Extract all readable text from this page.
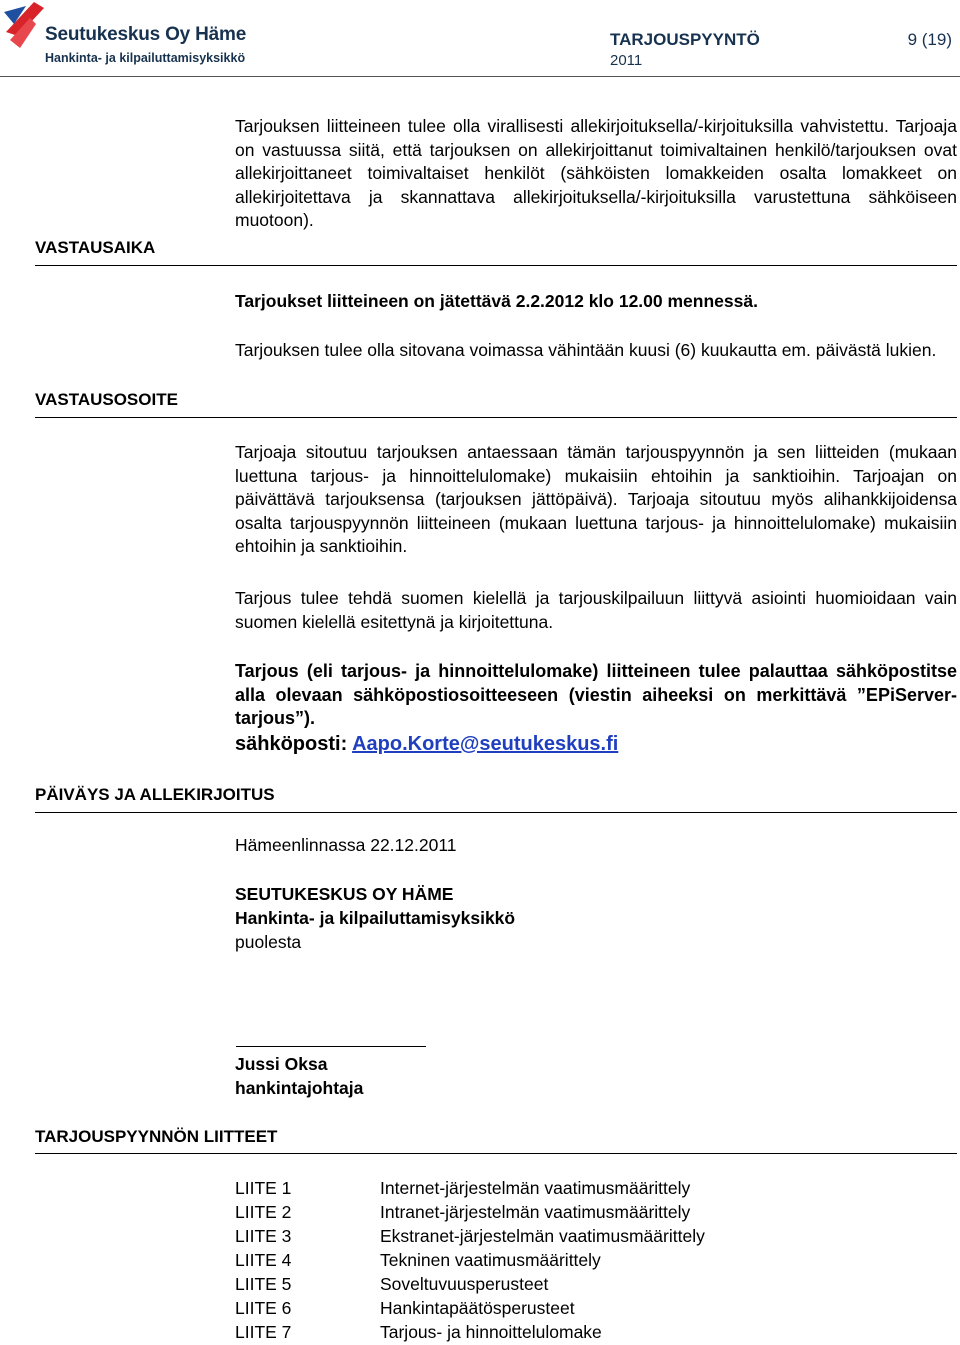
Seutukeskus Oy Häme
Hankinta- ja kilpailuttamisyksikkö
TARJOUSPYYNTÖ
2011
9 (19)
Tarjouksen liitteineen tulee olla virallisesti allekirjoituksella/-kirjoituksilla vahvistettu. Tarjoaja on vastuussa siitä, että tarjouksen on allekirjoittanut toimivaltainen henkilö/tarjouksen ovat allekirjoittaneet toimivaltaiset henkilöt (sähköisten lomakkeiden osalta lomakkeet on allekirjoitettava ja skannattava allekirjoituksella/-kirjoituksilla varustettuna sähköiseen muotoon).
VASTAUSAIKA
Tarjoukset liitteineen on jätettävä 2.2.2012 klo 12.00 mennessä.
Tarjouksen tulee olla sitovana voimassa vähintään kuusi (6) kuukautta em. päivästä lukien.
VASTAUSOSOITE
Tarjoaja sitoutuu tarjouksen antaessaan tämän tarjouspyynnön ja sen liitteiden (mukaan luettuna tarjous- ja hinnoittelulomake) mukaisiin ehtoihin ja sanktioihin. Tarjoajan on päivättävä tarjouksensa (tarjouksen jättöpäivä). Tarjoaja sitoutuu myös alihankkijoidensa osalta tarjouspyynnön liitteineen (mukaan luettuna tarjous- ja hinnoittelulomake) mukaisiin ehtoihin ja sanktioihin.
Tarjous tulee tehdä suomen kielellä ja tarjouskilpailuun liittyvä asiointi huomioidaan vain suomen kielellä esitettynä ja kirjoitettuna.
Tarjous (eli tarjous- ja hinnoittelulomake) liitteineen tulee palauttaa sähköpostitse alla olevaan sähköpostiosoitteeseen (viestin aiheeksi on merkittävä ”EPiServer-tarjous”).
sähköposti: Aapo.Korte@seutukeskus.fi
PÄIVÄYS JA ALLEKIRJOITUS
Hämeenlinnassa 22.12.2011
SEUTUKESKUS OY HÄME
Hankinta- ja kilpailuttamisyksikkö
puolesta
Jussi Oksa
hankintajohtaja
TARJOUSPYYNNÖN LIITTEET
LIITE 1	Internet-järjestelmän vaatimusmäärittely
LIITE 2	Intranet-järjestelmän vaatimusmäärittely
LIITE 3	Ekstranet-järjestelmän vaatimusmäärittely
LIITE 4	Tekninen vaatimusmäärittely
LIITE 5	Soveltuvuusperusteet
LIITE 6	Hankintapäätösperusteet
LIITE 7	Tarjous- ja hinnoittelulomake
